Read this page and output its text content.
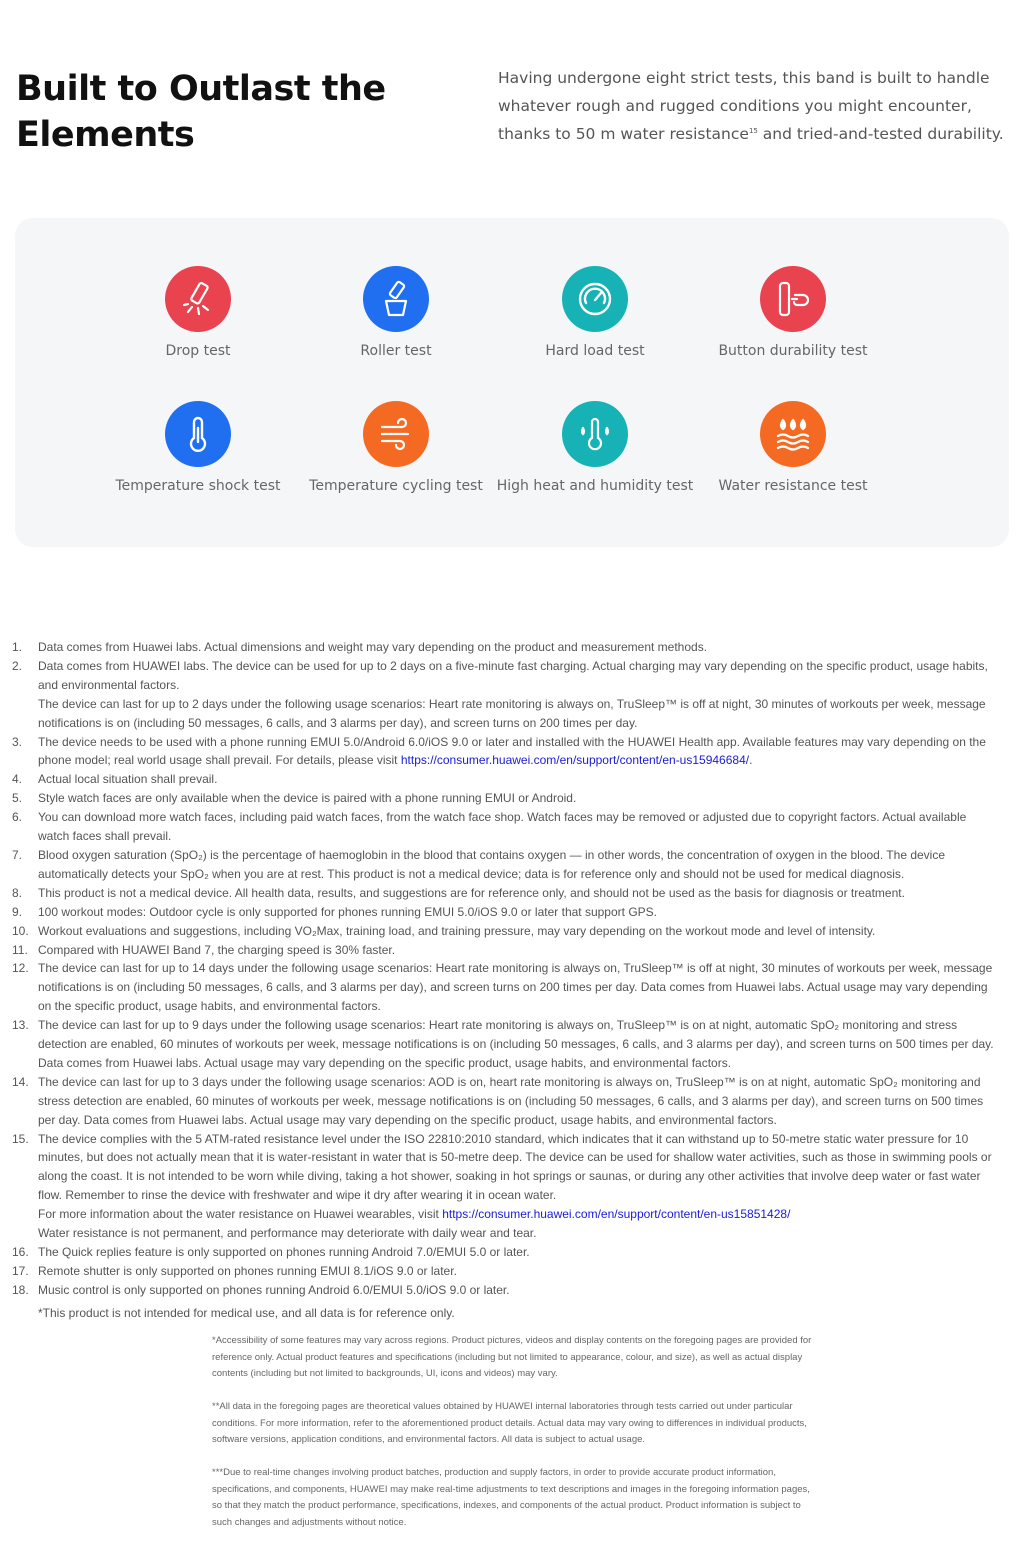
Built to Outlast the Elements

Having undergone eight strict tests, this band is built to handle whatever rough and rugged conditions you might encounter, thanks to 50 m water resistance$^{15}$ and tried-and-tested durability.

Drop test	Roller test	Hard load test	Button durability test
Temperature shock test	Temperature cycling test High heat and humidity test	Water resistance test
1.	Data comes from Huawei labs. Actual dimensions and weight may vary depending on the product and measurement methods.
2.	Data comes from HUAWEI labs. The device can be used for up to 2 days on a five-minute fast charging. Actual charging may vary depending on the specific product, usage habits, and environmental factors.
The device can last for up to 2 days under the following usage scenarios: Heart rate monitoring is always on, TruSleep™ is off at night, 30 minutes of workouts per week, message notifications is on (including 50 messages, 6 calls, and 3 alarms per day), and screen turns on 200 times per day.
3.	The device needs to be used with a phone running EMUI 5.0/Android 6.0/iOS 9.0 or later and installed with the HUAWEI Health app. Available features may vary depending on the phone model; real world usage shall prevail. For details, please visit https://consumer.huawei.com/en/support/content/en-us15946684/.
4.	Actual local situation shall prevail.
5.	Style watch faces are only available when the device is paired with a phone running EMUI or Android.
6.	You can download more watch faces, including paid watch faces, from the watch face shop. Watch faces may be removed or adjusted due to copyright factors. Actual available watch faces shall prevail.
7.	Blood oxygen saturation (SpO₂) is the percentage of haemoglobin in the blood that contains oxygen — in other words, the concentration of oxygen in the blood. The device automatically detects your SpO₂ when you are at rest. This product is not a medical device; data is for reference only and should not be used for medical diagnosis.
8.	This product is not a medical device. All health data, results, and suggestions are for reference only, and should not be used as the basis for diagnosis or treatment.
9.	100 workout modes: Outdoor cycle is only supported for phones running EMUI 5.0/iOS 9.0 or later that support GPS.
10. Workout evaluations and suggestions, including VO₂Max, training load, and training pressure, may vary depending on the workout mode and level of intensity.
11. Compared with HUAWEI Band 7, the charging speed is 30% faster.
12. The device can last for up to 14 days under the following usage scenarios: Heart rate monitoring is always on, TruSleep™ is off at night, 30 minutes of workouts per week, message notifications is on (including 50 messages, 6 calls, and 3 alarms per day), and screen turns on 200 times per day. Data comes from Huawei labs. Actual usage may vary depending on the specific product, usage habits, and environmental factors.
13. The device can last for up to 9 days under the following usage scenarios: Heart rate monitoring is always on, TruSleep™ is on at night, automatic SpO₂ monitoring and stress detection are enabled, 60 minutes of workouts per week, message notifications is on (including 50 messages, 6 calls, and 3 alarms per day), and screen turns on 500 times per day. Data comes from Huawei labs. Actual usage may vary depending on the specific product, usage habits, and environmental factors.
14. The device can last for up to 3 days under the following usage scenarios: AOD is on, heart rate monitoring is always on, TruSleep™ is on at night, automatic SpO₂ monitoring and stress detection are enabled, 60 minutes of workouts per week, message notifications is on (including 50 messages, 6 calls, and 3 alarms per day), and screen turns on 500 times per day. Data comes from Huawei labs. Actual usage may vary depending on the specific product, usage habits, and environmental factors.
15. The device complies with the 5 ATM-rated resistance level under the ISO 22810:2010 standard, which indicates that it can withstand up to 50-metre static water pressure for 10 minutes, but does not actually mean that it is water-resistant in water that is 50-metre deep. The device can be used for shallow water activities, such as those in swimming pools or along the coast. It is not intended to be worn while diving, taking a hot shower, soaking in hot springs or saunas, or during any other activities that involve deep water or fast water flow. Remember to rinse the device with freshwater and wipe it dry after wearing it in ocean water.
For more information about the water resistance on Huawei wearables, visit https://consumer.huawei.com/en/support/content/en-us15851428/
Water resistance is not permanent, and performance may deteriorate with daily wear and tear.
16. The Quick replies feature is only supported on phones running Android 7.0/EMUI 5.0 or later.
17. Remote shutter is only supported on phones running EMUI 8.1/iOS 9.0 or later.
18. Music control is only supported on phones running Android 6.0/EMUI 5.0/iOS 9.0 or later.
*This product is not intended for medical use, and all data is for reference only.

*Accessibility of some features may vary across regions. Product pictures, videos and display contents on the foregoing pages are provided for reference only. Actual product features and specifications (including but not limited to appearance, colour, and size), as well as actual display contents (including but not limited to backgrounds, UI, icons and videos) may vary.

**All data in the foregoing pages are theoretical values obtained by HUAWEI internal laboratories through tests carried out under particular conditions. For more information, refer to the aforementioned product details. Actual data may vary owing to differences in individual products, software versions, application conditions, and environmental factors. All data is subject to actual usage.

***Due to real-time changes involving product batches, production and supply factors, in order to provide accurate product information, specifications, and components, HUAWEI may make real-time adjustments to text descriptions and images in the foregoing information pages, so that they match the product performance, specifications, indexes, and components of the actual product. Product information is subject to such changes and adjustments without notice.
